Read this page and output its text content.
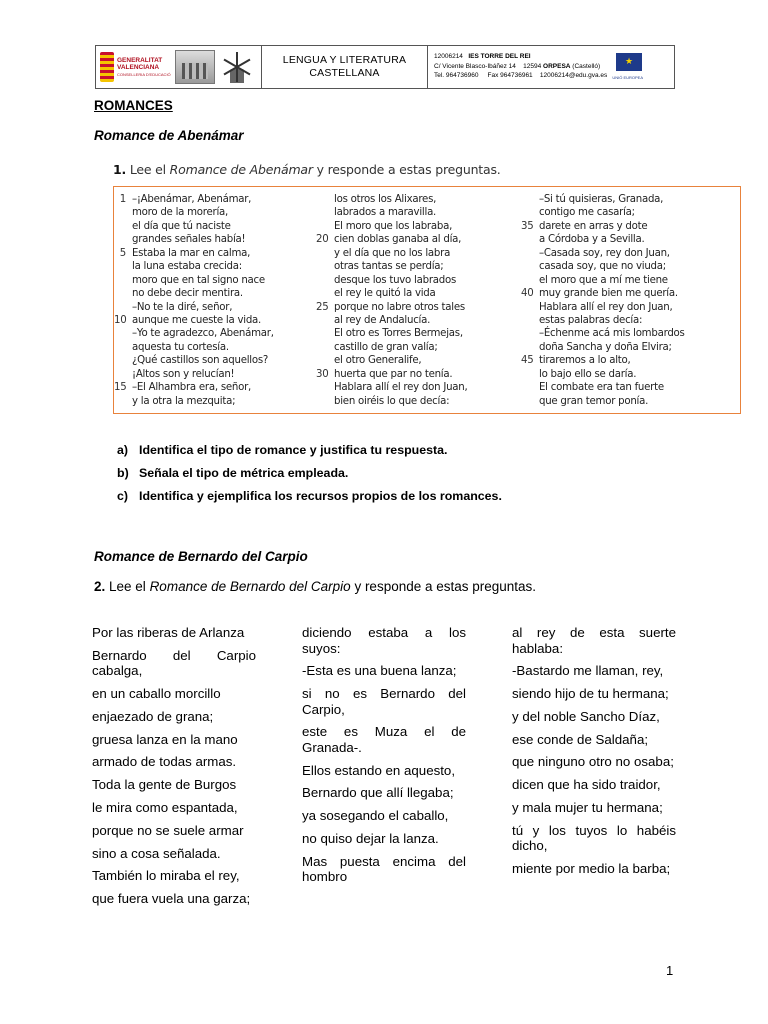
GENERALITAT
VALENCIANA
CONSELLERIA D'EDUCACIÓ
LENGUA Y LITERATURA
CASTELLANA
12006214 IES TORRE DEL REI
C/ Vicente Blasco-Ibáñez 14 12594 ORPESA (Castelló)
Tel. 964736960 Fax 964736961 12006214@edu.gva.es
★
UNIÓ EUROPEA
ROMANCES
Romance de Abenámar
1. Lee el Romance de Abenámar y responde a estas preguntas.
1 –¡Abenámar, Abenámar,
moro de la morería,
el día que tú naciste
grandes señales había!
5 Estaba la mar en calma,
la luna estaba crecida:
moro que en tal signo nace
no debe decir mentira.
–No te la diré, señor,
10 aunque me cueste la vida.
–Yo te agradezco, Abenámar,
aquesta tu cortesía.
¿Qué castillos son aquellos?
¡Altos son y relucían!
15 –El Alhambra era, señor,
y la otra la mezquita;
los otros los Alixares,
labrados a maravilla.
El moro que los labraba,
20 cien doblas ganaba al día,
y el día que no los labra
otras tantas se perdía;
desque los tuvo labrados
el rey le quitó la vida
25 porque no labre otros tales
al rey de Andalucía.
El otro es Torres Bermejas,
castillo de gran valía;
el otro Generalife,
30 huerta que par no tenía.
Hablara allí el rey don Juan,
bien oiréis lo que decía:
–Si tú quisieras, Granada,
contigo me casaría;
35 darete en arras y dote
a Córdoba y a Sevilla.
–Casada soy, rey don Juan,
casada soy, que no viuda;
el moro que a mí me tiene
40 muy grande bien me quería.
Hablara allí el rey don Juan,
estas palabras decía:
–Échenme acá mis lombardos
doña Sancha y doña Elvira;
45 tiraremos a lo alto,
lo bajo ello se daría.
El combate era tan fuerte
que gran temor ponía.
a) Identifica el tipo de romance y justifica tu respuesta.
b) Señala el tipo de métrica empleada.
c) Identifica y ejemplifica los recursos propios de los romances.
Romance de Bernardo del Carpio
2. Lee el Romance de Bernardo del Carpio y responde a estas preguntas.
Por las riberas de Arlanza
Bernardo del Carpio cabalga,
en un caballo morcillo
enjaezado de grana;
gruesa lanza en la mano
armado de todas armas.
Toda la gente de Burgos
le mira como espantada,
porque no se suele armar
sino a cosa señalada.
También lo miraba el rey,
que fuera vuela una garza;
diciendo estaba a los suyos:
-Esta es una buena lanza;
si no es Bernardo del Carpio,
este es Muza el de Granada-.
Ellos estando en aquesto,
Bernardo que allí llegaba;
ya sosegando el caballo,
no quiso dejar la lanza.
Mas puesta encima del hombro
al rey de esta suerte hablaba:
-Bastardo me llaman, rey,
siendo hijo de tu hermana;
y del noble Sancho Díaz,
ese conde de Saldaña;
que ninguno otro no osaba;
dicen que ha sido traidor,
y mala mujer tu hermana;
tú y los tuyos lo habéis dicho,
miente por medio la barba;
1
